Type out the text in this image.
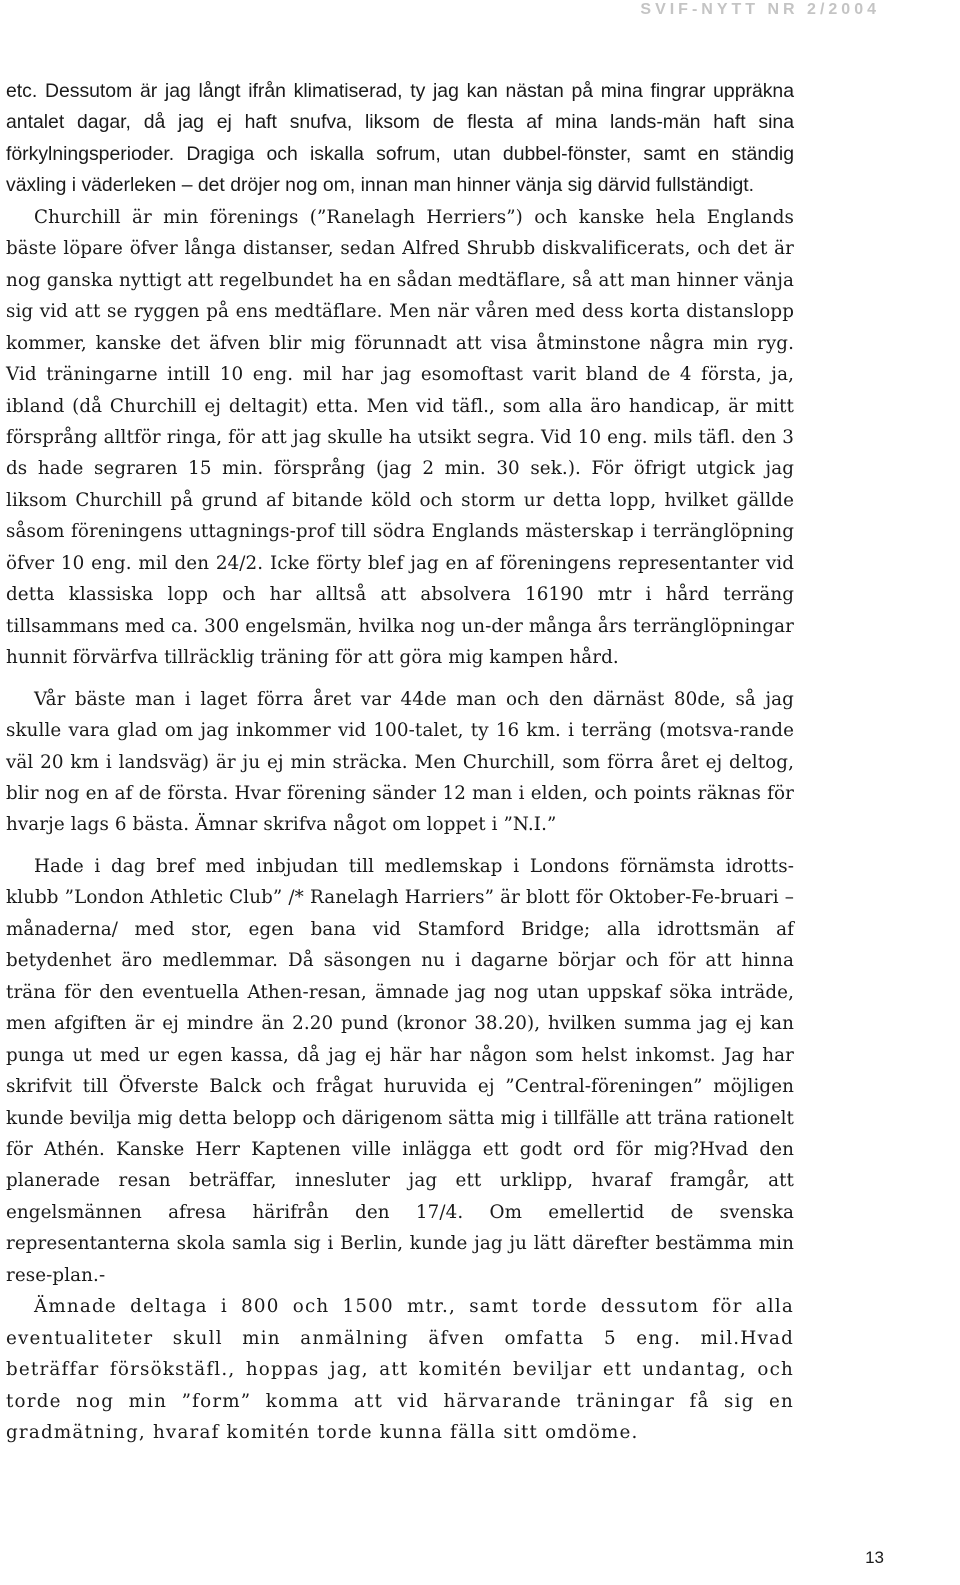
SVIF-NYTT NR 2/2004

etc. Dessutom är jag långt ifrån klimatiserad, ty jag kan nästan på mina fingrar uppräkna antalet dagar, då jag ej haft snufva, liksom de flesta af mina lands-män haft sina förkylningsperioder. Dragiga och iskalla sofrum, utan dubbel-fönster, samt en ständig växling i väderleken – det dröjer nog om, innan man hinner vänja sig därvid fullständigt.

Churchill är min förenings (”Ranelagh Herriers”) och kanske hela Englands bäste löpare öfver långa distanser, sedan Alfred Shrubb diskvalificerats, och det är nog ganska nyttigt att regelbundet ha en sådan medtäflare, så att man hinner vänja sig vid att se ryggen på ens medtäflare. Men när våren med dess korta distanslopp kommer, kanske det äfven blir mig förunnadt att visa åtminstone några min ryg. Vid träningarne intill 10 eng. mil har jag esomoftast varit bland de 4 första, ja, ibland (då Churchill ej deltagit) etta. Men vid täfl., som alla äro handicap, är mitt försprång alltför ringa, för att jag skulle ha utsikt segra. Vid 10 eng. mils täfl. den 3 ds hade segraren 15 min. försprång (jag 2 min. 30 sek.). För öfrigt utgick jag liksom Churchill på grund af bitande köld och storm ur detta lopp, hvilket gällde såsom föreningens uttagnings-prof till södra Englands mästerskap i terränglöpning öfver 10 eng. mil den 24/2. Icke förty blef jag en af föreningens representanter vid detta klassiska lopp och har alltså att absolvera 16190 mtr i hård terräng tillsammans med ca. 300 engelsmän, hvilka nog un-der många års terränglöpningar hunnit förvärfva tillräcklig träning för att göra mig kampen hård.

Vår bäste man i laget förra året var 44de man och den därnäst 80de, så jag skulle vara glad om jag inkommer vid 100-talet, ty 16 km. i terräng (motsva-rande väl 20 km i landsväg) är ju ej min sträcka. Men Churchill, som förra året ej deltog, blir nog en af de första. Hvar förening sänder 12 man i elden, och points räknas för hvarje lags 6 bästa. Ämnar skrifva något om loppet i ”N.I.”

Hade i dag bref med inbjudan till medlemskap i Londons förnämsta idrotts-klubb ”London Athletic Club” /* Ranelagh Harriers” är blott för Oktober-Fe-bruari – månaderna/ med stor, egen bana vid Stamford Bridge; alla idrottsmän af betydenhet äro medlemmar. Då säsongen nu i dagarne börjar och för att hinna träna för den eventuella Athen-resan, ämnade jag nog utan uppskaf söka inträde, men afgiften är ej mindre än 2.20 pund (kronor 38.20), hvilken summa jag ej kan punga ut med ur egen kassa, då jag ej här har någon som helst inkomst. Jag har skrifvit till Öfverste Balck och frågat huruvida ej ”Central-föreningen” möjligen kunde bevilja mig detta belopp och därigenom sätta mig i tillfälle att träna rationelt för Athén. Kanske Herr Kaptenen ville inlägga ett godt ord för mig?Hvad den planerade resan beträffar, innesluter jag ett urklipp, hvaraf framgår, att engelsmännen afresa härifrån den 17/4. Om emellertid de svenska representanterna skola samla sig i Berlin, kunde jag ju lätt därefter bestämma min rese-plan.-

Ämnade deltaga i 800 och 1500 mtr., samt torde dessutom för alla eventualiteter skull min anmälning äfven omfatta 5 eng. mil.Hvad beträffar försökstäfl., hoppas jag, att komitén beviljar ett undantag, och torde nog min ”form” komma att vid härvarande träningar få sig en gradmätning, hvaraf komitén torde kunna fälla sitt omdöme.

13
